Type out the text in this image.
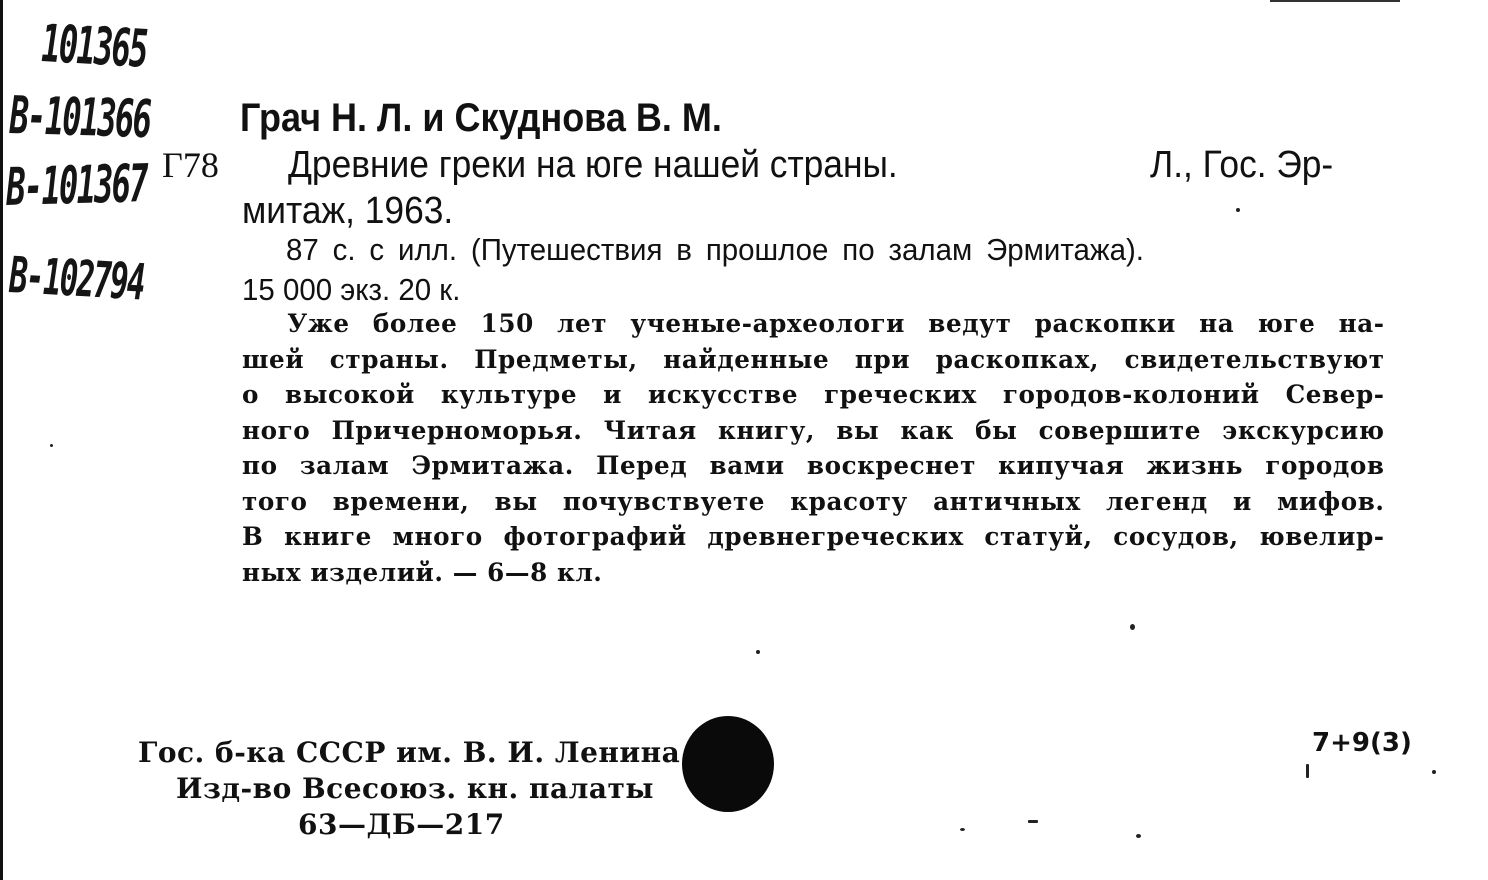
101365
В-101366
В-101367
В-102794
Г78
Грач Н. Л. и Скуднова В. М.
Древние греки на юге нашей страны.	Л., Гос. Эр-
митаж, 1963.
87 с. с илл. (Путешествия в прошлое по залам Эрмитажа).
15 000 экз. 20 к.
Уже более 150 лет ученые-археологи ведут раскопки на юге на-
шей страны. Предметы, найденные при раскопках, свидетельствуют
о высокой культуре и искусстве греческих городов-колоний Север-
ного Причерноморья. Читая книгу, вы как бы совершите экскурсию
по залам Эрмитажа. Перед вами воскреснет кипучая жизнь городов
того времени, вы почувствуете красоту античных легенд и мифов.
В книге много фотографий древнегреческих статуй, сосудов, ювелир-
ных изделий. — 6—8 кл.
Гос. б-ка СССР им. В. И. Ленина
Изд-во Всесоюз. кн. палаты
63—ДБ—217
7+9(3)
